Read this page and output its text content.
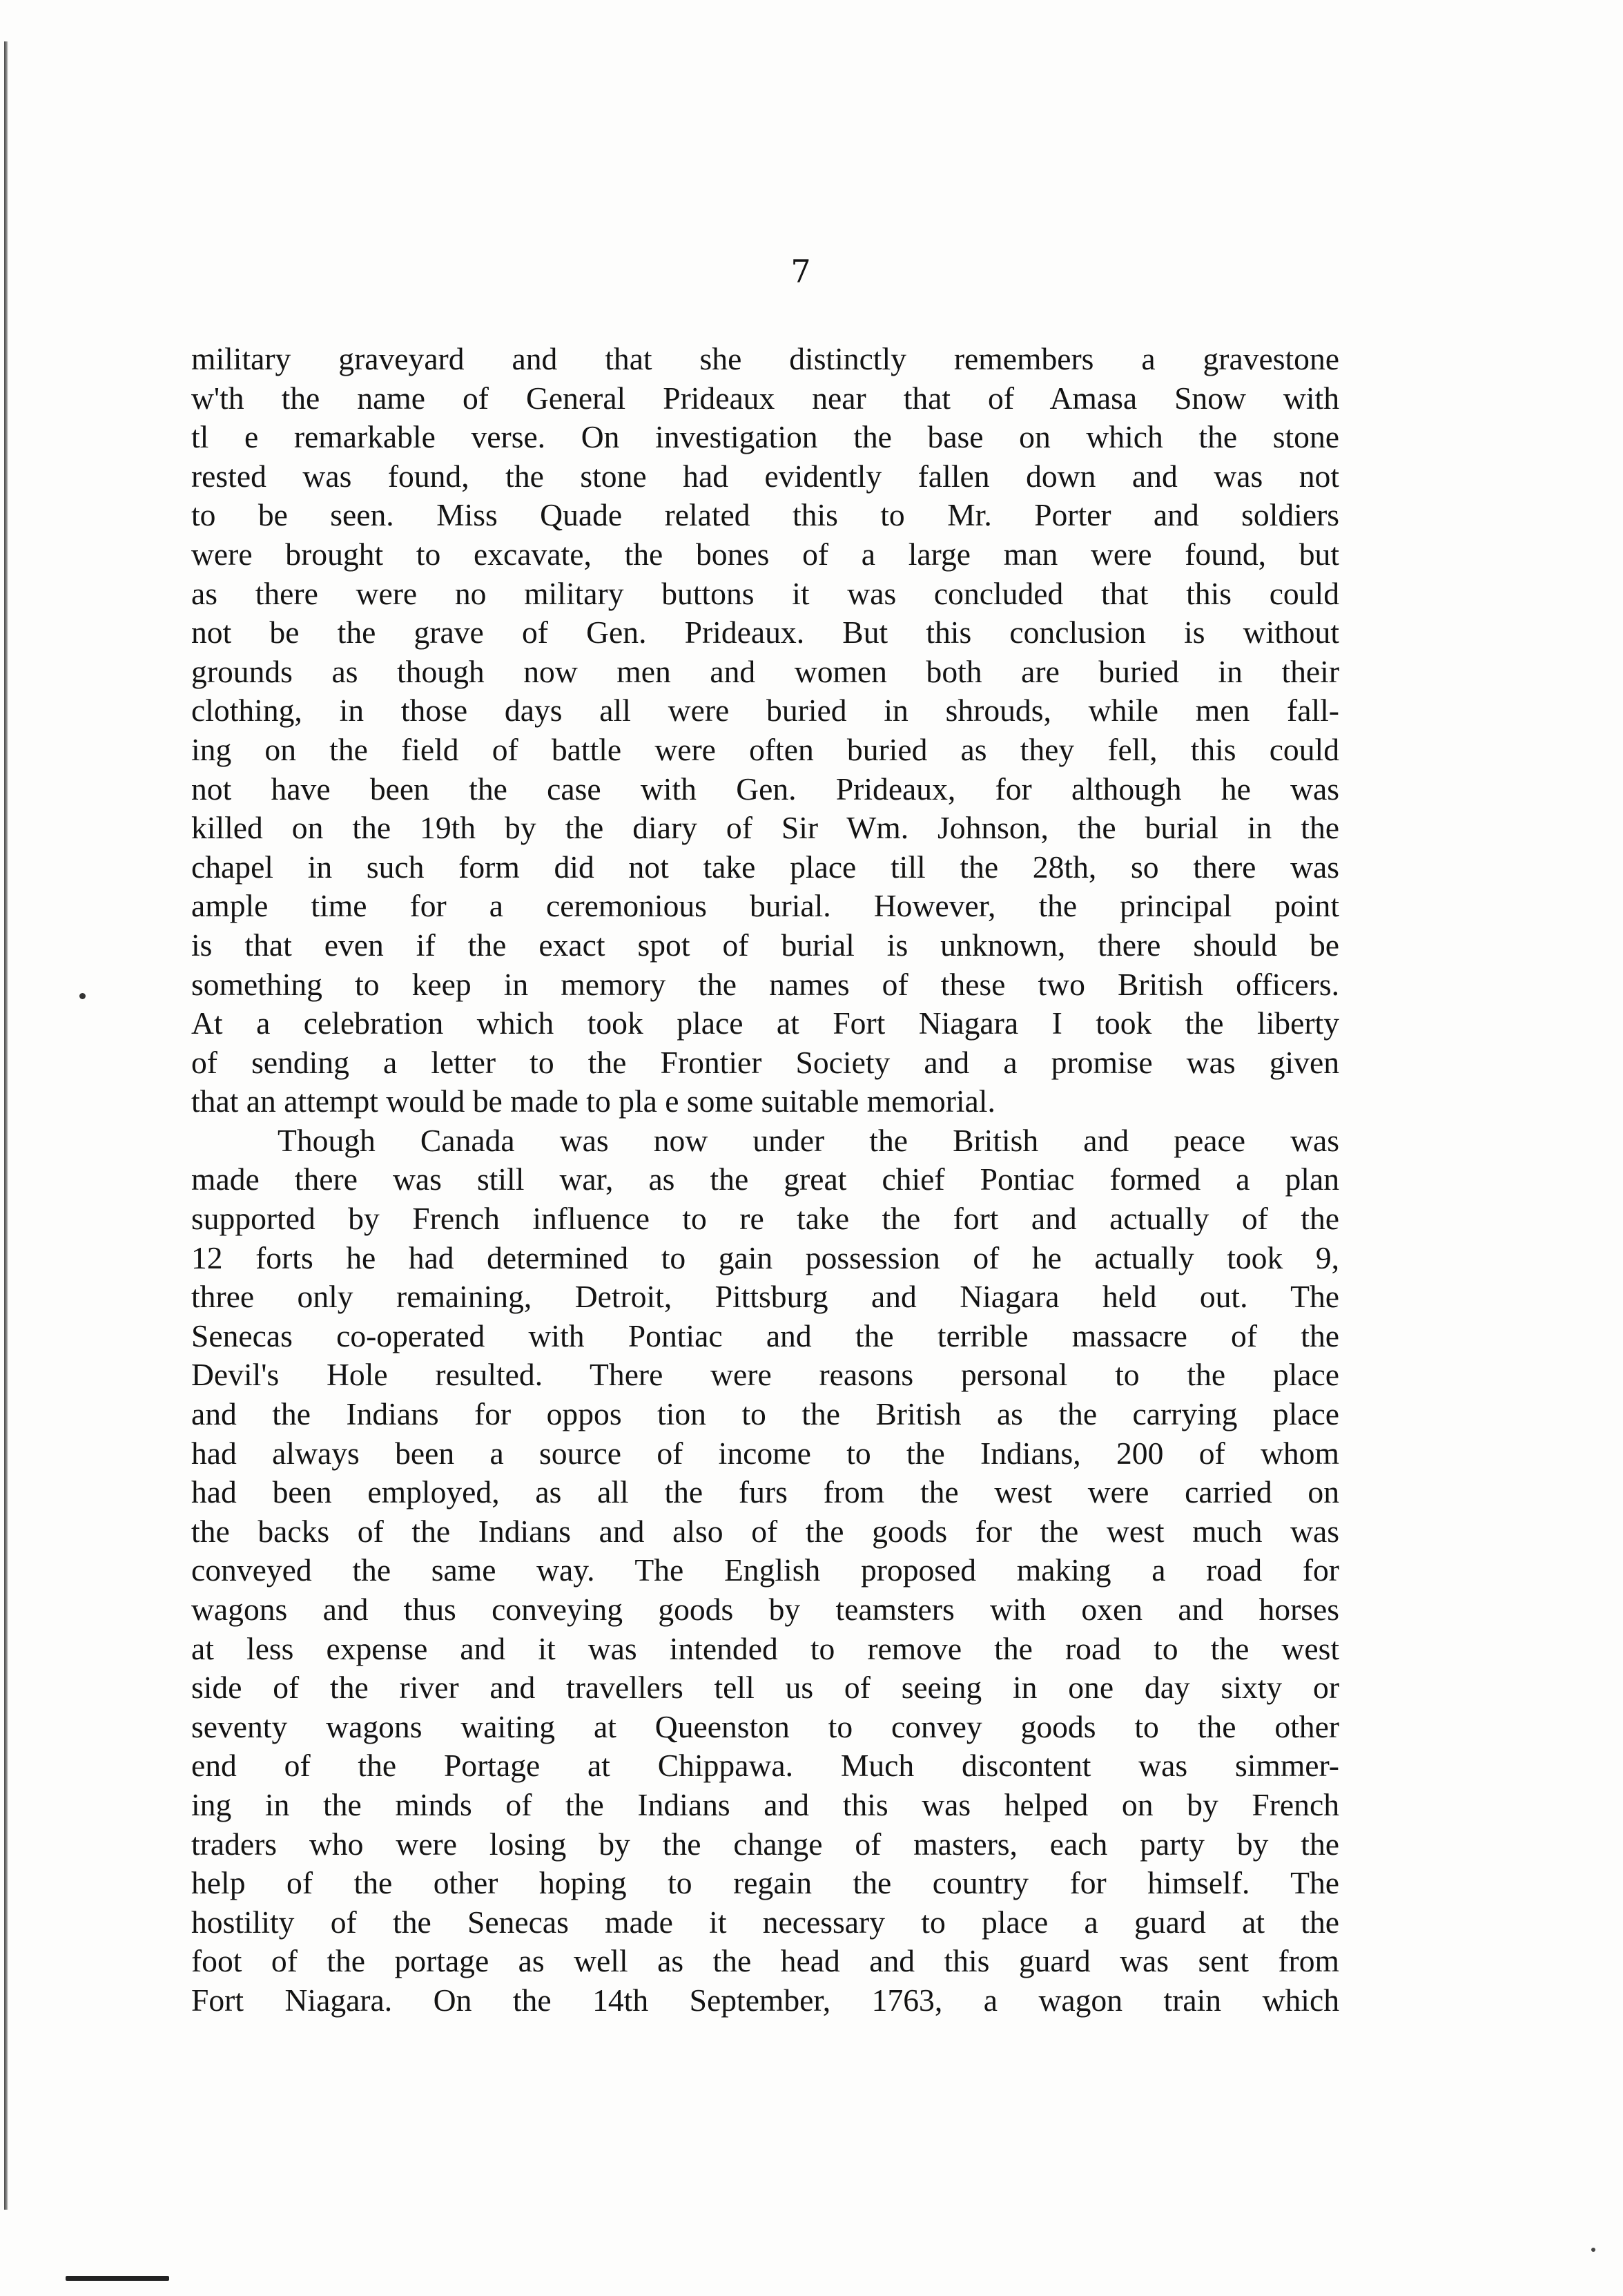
7
military graveyard and that she distinctly remembers a gravestone
w'th the name of General Prideaux near that of Amasa Snow with
tl e remarkable verse. On investigation the base on which the stone
rested was found, the stone had evidently fallen down and was not
to be seen. Miss Quade related this to Mr. Porter and soldiers
were brought to excavate, the bones of a large man were found, but
as there were no military buttons it was concluded that this could
not be the grave of Gen. Prideaux. But this conclusion is without
grounds as though now men and women both are buried in their
clothing, in those days all were buried in shrouds, while men fall-
ing on the field of battle were often buried as they fell, this could
not have been the case with Gen. Prideaux, for although he was
killed on the 19th by the diary of Sir Wm. Johnson, the burial in the
chapel in such form did not take place till the 28th, so there was
ample time for a ceremonious burial. However, the principal point
is that even if the exact spot of burial is unknown, there should be
something to keep in memory the names of these two British officers.
At a celebration which took place at Fort Niagara I took the liberty
of sending a letter to the Frontier Society and a promise was given
that an attempt would be made to pla e some suitable memorial.
Though Canada was now under the British and peace was
made there was still war, as the great chief Pontiac formed a plan
supported by French influence to re take the fort and actually of the
12 forts he had determined to gain possession of he actually took 9,
three only remaining, Detroit, Pittsburg and Niagara held out. The
Senecas co-operated with Pontiac and the terrible massacre of the
Devil's Hole resulted. There were reasons personal to the place
and the Indians for oppos tion to the British as the carrying place
had always been a source of income to the Indians, 200 of whom
had been employed, as all the furs from the west were carried on
the backs of the Indians and also of the goods for the west much was
conveyed the same way. The English proposed making a road for
wagons and thus conveying goods by teamsters with oxen and horses
at less expense and it was intended to remove the road to the west
side of the river and travellers tell us of seeing in one day sixty or
seventy wagons waiting at Queenston to convey goods to the other
end of the Portage at Chippawa. Much discontent was simmer-
ing in the minds of the Indians and this was helped on by French
traders who were losing by the change of masters, each party by the
help of the other hoping to regain the country for himself. The
hostility of the Senecas made it necessary to place a guard at the
foot of the portage as well as the head and this guard was sent from
Fort Niagara. On the 14th September, 1763, a wagon train which
